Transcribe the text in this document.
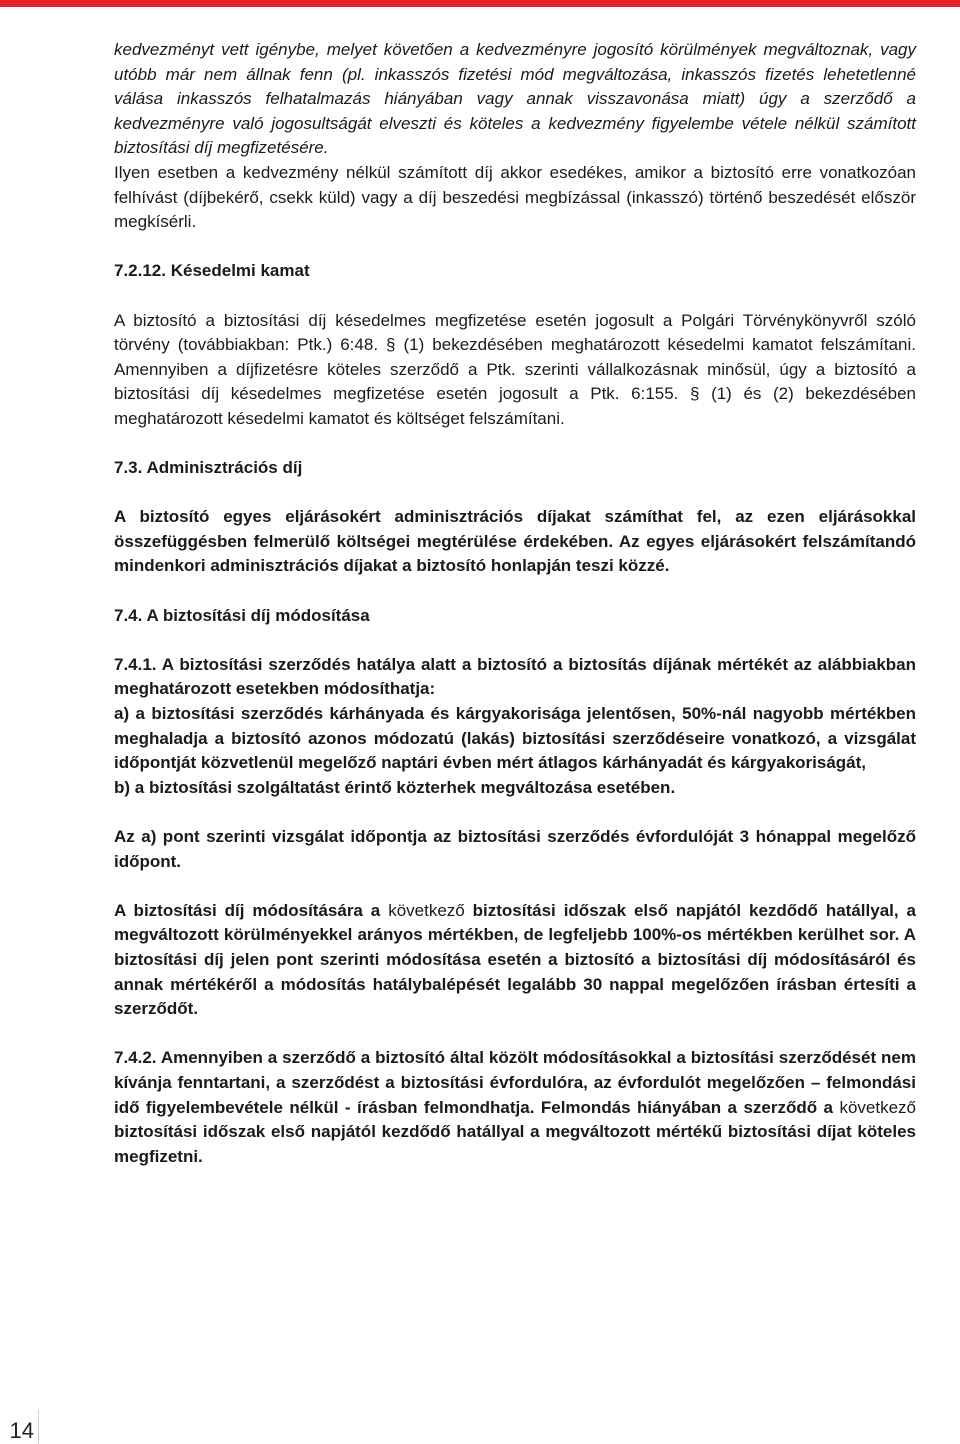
kedvezményt vett igénybe, melyet követően a kedvezményre jogosító körülmények megváltoznak, vagy utóbb már nem állnak fenn (pl. inkasszós fizetési mód megváltozása, inkasszós fizetés lehetetlenné válása inkasszós felhatalmazás hiányában vagy annak visszavonása miatt) úgy a szerződő a kedvezményre való jogosultságát elveszti és köteles a kedvezmény figyelembe vétele nélkül számított biztosítási díj megfizetésére.

Ilyen esetben a kedvezmény nélkül számított díj akkor esedékes, amikor a biztosító erre vonatkozóan felhívást (díjbekérő, csekk küld) vagy a díj beszedési megbízással (inkasszó) történő beszedését először megkísérli.

7.2.12. Késedelmi kamat

A biztosító a biztosítási díj késedelmes megfizetése esetén jogosult a Polgári Törvénykönyvről szóló törvény (továbbiakban: Ptk.) 6:48. § (1) bekezdésében meghatározott késedelmi kamatot felszámítani. Amennyiben a díjfizetésre köteles szerződő a Ptk. szerinti vállalkozásnak minősül, úgy a biztosító a biztosítási díj késedelmes megfizetése esetén jogosult a Ptk. 6:155. § (1) és (2) bekezdésében meghatározott késedelmi kamatot és költséget felszámítani.

7.3. Adminisztrációs díj

A biztosító egyes eljárásokért adminisztrációs díjakat számíthat fel, az ezen eljárásokkal összefüggésben felmerülő költségei megtérülése érdekében. Az egyes eljárásokért felszámítandó mindenkori adminisztrációs díjakat a biztosító honlapján teszi közzé.

7.4. A biztosítási díj módosítása

7.4.1. A biztosítási szerződés hatálya alatt a biztosító a biztosítás díjának mértékét az alábbiakban meghatározott esetekben módosíthatja:

a) a biztosítási szerződés kárhányada és kárgyakorisága jelentősen, 50%-nál nagyobb mértékben meghaladja a biztosító azonos módozatú (lakás) biztosítási szerződéseire vonatkozó, a vizsgálat időpontját közvetlenül megelőző naptári évben mért átlagos kárhányadát és kárgyakoriságát,

b) a biztosítási szolgáltatást érintő közterhek megváltozása esetében.

Az a) pont szerinti vizsgálat időpontja az biztosítási szerződés évfordulóját 3 hónappal megelőző időpont.

A biztosítási díj módosítására a következő biztosítási időszak első napjától kezdődő hatállyal, a megváltozott körülményekkel arányos mértékben, de legfeljebb 100%-os mértékben kerülhet sor. A biztosítási díj jelen pont szerinti módosítása esetén a biztosító a biztosítási díj módosításáról és annak mértékéről a módosítás hatálybalépését legalább 30 nappal megelőzően írásban értesíti a szerződőt.

7.4.2. Amennyiben a szerződő a biztosító által közölt módosításokkal a biztosítási szerződését nem kívánja fenntartani, a szerződést a biztosítási évfordulóra, az évfordulót megelőzően – felmondási idő figyelembevétele nélkül - írásban felmondhatja. Felmondás hiányában a szerződő a következő biztosítási időszak első napjától kezdődő hatállyal a megváltozott mértékű biztosítási díjat köteles megfizetni.

14
